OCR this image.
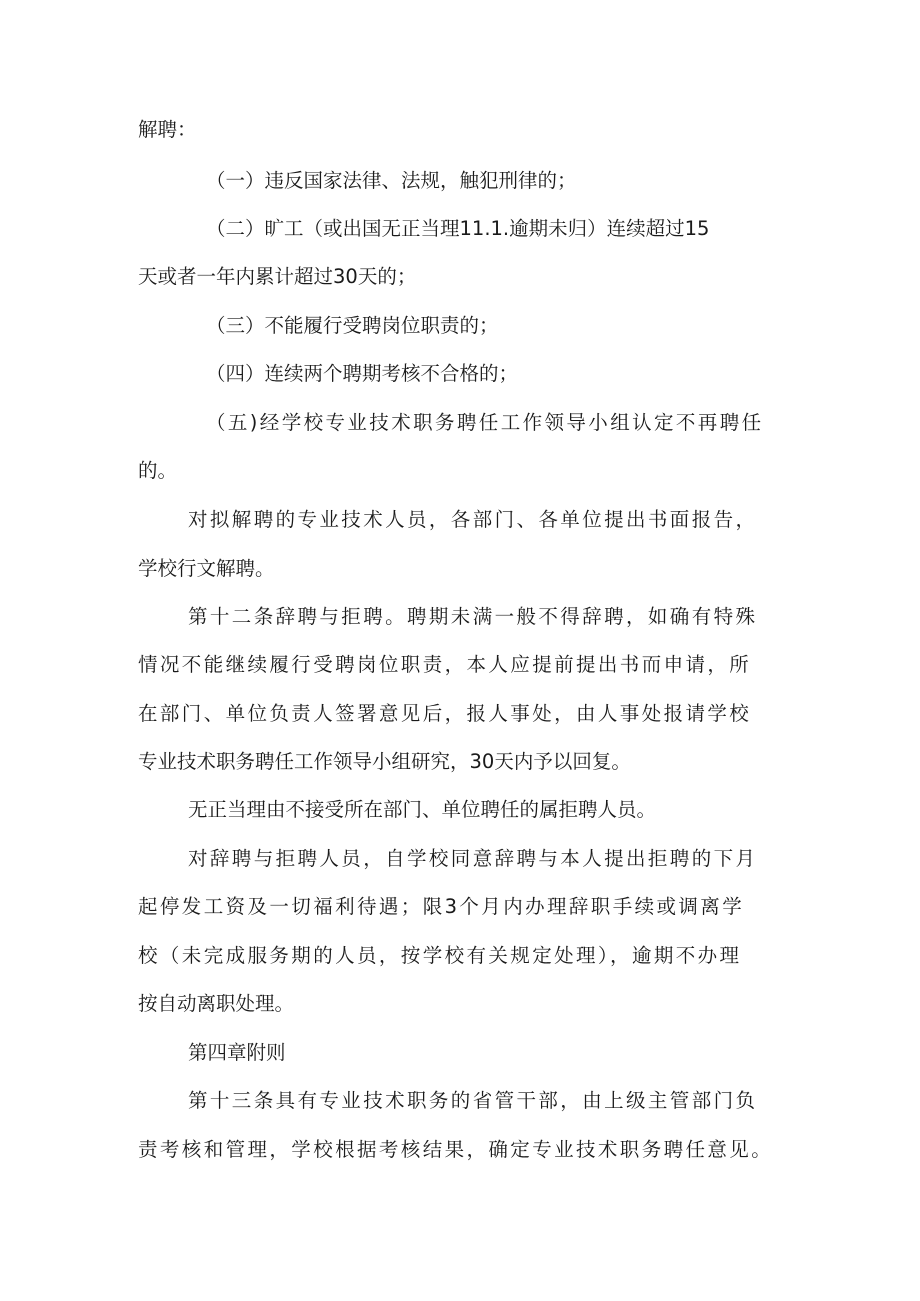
解聘：
（一）违反国家法律、法规，触犯刑律的；
（二）旷工（或出国无正当理11.1.逾期未归）连续超过15
天或者一年内累计超过30天的；
（三）不能履行受聘岗位职责的；
（四）连续两个聘期考核不合格的；
（五)经学校专业技术职务聘任工作领导小组认定不再聘任
的。
对拟解聘的专业技术人员，各部门、各单位提出书面报告，
学校行文解聘。
第十二条辞聘与拒聘。聘期未满一般不得辞聘，如确有特殊
情况不能继续履行受聘岗位职责，本人应提前提出书而申请，所
在部门、单位负责人签署意见后，报人事处，由人事处报请学校
专业技术职务聘任工作领导小组研究，30天内予以回复。
无正当理由不接受所在部门、单位聘任的属拒聘人员。
对辞聘与拒聘人员，自学校同意辞聘与本人提出拒聘的下月
起停发工资及一切福利待遇；限3个月内办理辞职手续或调离学
校（未完成服务期的人员，按学校有关规定处理），逾期不办理
按自动离职处理。
第四章附则
第十三条具有专业技术职务的省管干部，由上级主管部门负
责考核和管理，学校根据考核结果，确定专业技术职务聘任意见。
